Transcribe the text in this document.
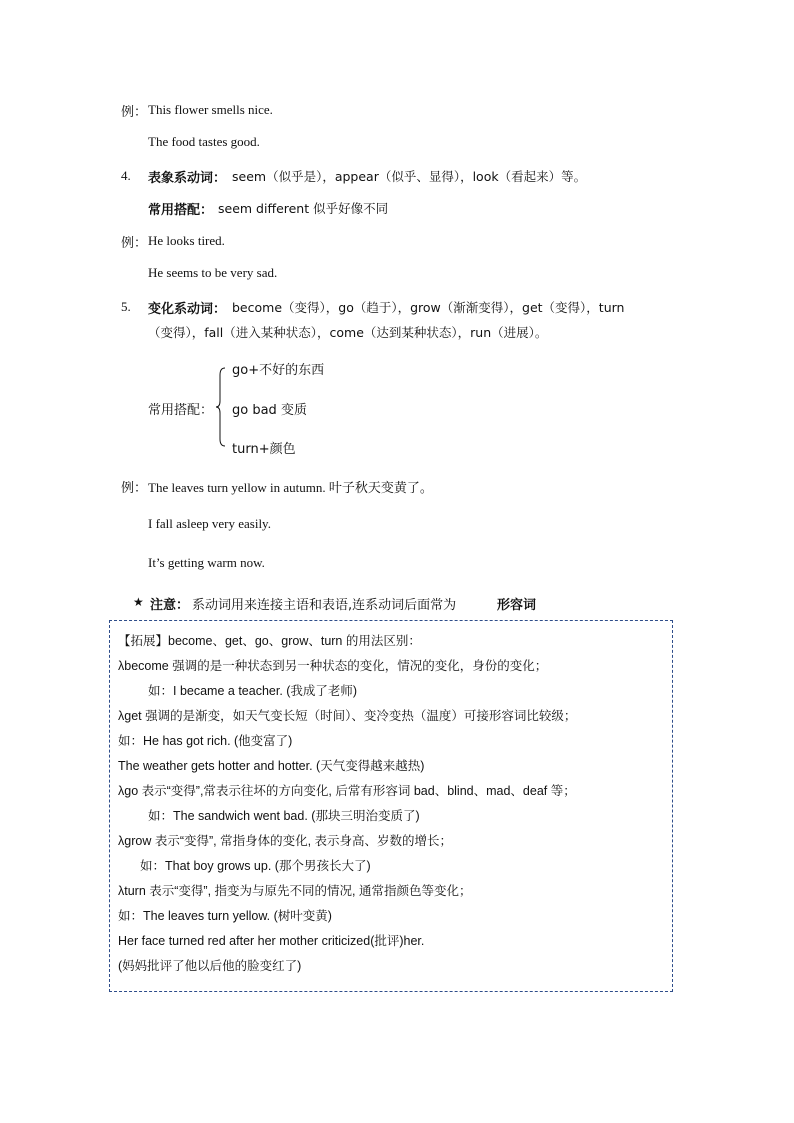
例： This flower smells nice.
The food tastes good.
4. 表象系动词： seem（似乎是），appear（似乎、显得），look（看起来）等。
常用搭配： seem different 似乎好像不同
例： He looks tired.
He seems to be very sad.
5. 变化系动词： become（变得），go（趋于），grow（渐渐变得），get（变得），turn
（变得），fall（进入某种状态），come（达到某种状态），run（进展）。
常用搭配：
go+不好的东西
go bad 变质
turn+颜色
例： The leaves turn yellow in autumn. 叶子秋天变黄了。
I fall asleep very easily.
It’s getting warm now.
★ 注意： 系动词用来连接主语和表语,连系动词后面常为	形容词
【拓展】become、get、go、grow、turn 的用法区别：
λbecome 强调的是一种状态到另一种状态的变化，情况的变化，身份的变化；
如：I became a teacher. (我成了老师)
λget 强调的是渐变，如天气变长短（时间）、变冷变热（温度）可接形容词比较级；
如：He has got rich. (他变富了)
The weather gets hotter and hotter. (天气变得越来越热)
λgo 表示“变得”,常表示往坏的方向变化, 后常有形容词 bad、blind、mad、deaf 等；
如：The sandwich went bad. (那块三明治变质了)
λgrow 表示“变得”, 常指身体的变化, 表示身高、岁数的增长；
如：That boy grows up. (那个男孩长大了)
λturn 表示“变得”, 指变为与原先不同的情况, 通常指颜色等变化；
如：The leaves turn yellow. (树叶变黄)
Her face turned red after her mother criticized(批评)her.
(妈妈批评了他以后他的脸变红了)
